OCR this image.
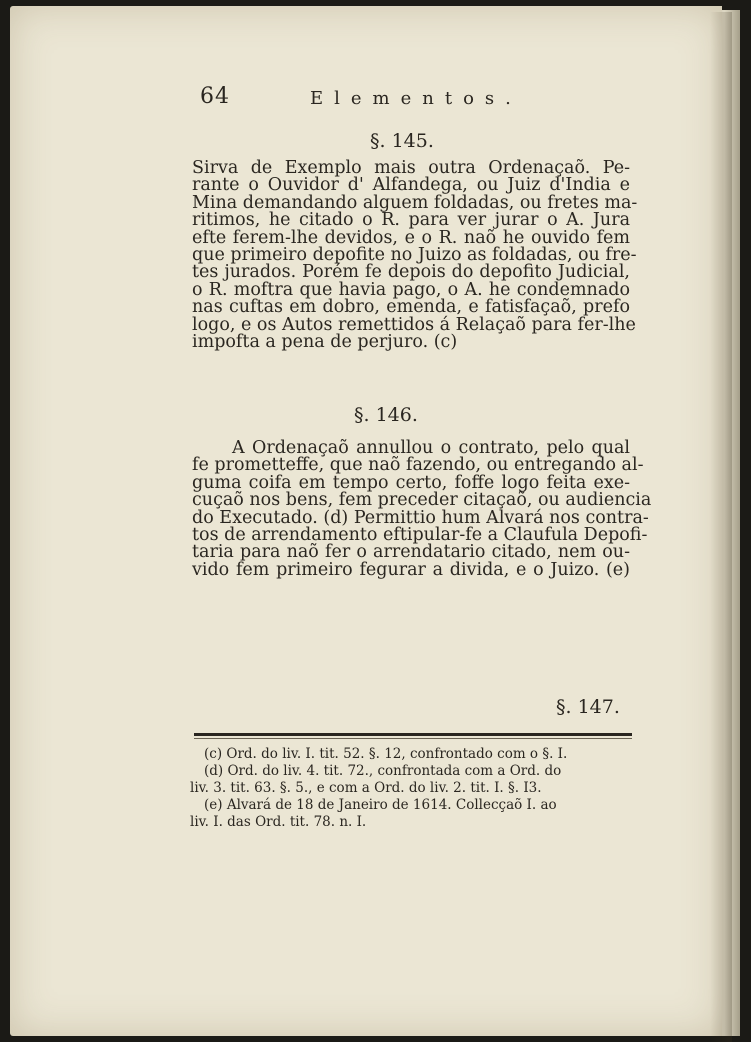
64	Elementos.
§. 145.
Sirva de Exemplo mais outra Ordenaçaõ. Pe-
rante o Ouvidor d' Alfandega, ou Juiz d'India e
Mina demandando alguem foldadas, ou fretes ma-
ritimos, he citado o R. para ver jurar o A. Jura
efte ferem-lhe devidos, e o R. naõ he ouvido fem
que primeiro depofite no Juizo as foldadas, ou fre-
tes jurados. Porém fe depois do depofito Judicial,
o R. moftra que havia pago, o A. he condemnado
nas cuftas em dobro, emenda, e fatisfaçaõ, prefo
logo, e os Autos remettidos á Relaçaõ para fer-lhe
impofta a pena de perjuro. (c)
§. 146.
A Ordenaçaõ annullou o contrato, pelo qual
fe prometteffe, que naõ fazendo, ou entregando al-
guma coifa em tempo certo, foffe logo feita exe-
cuçaõ nos bens, fem preceder citaçaõ, ou audiencia
do Executado. (d) Permittio hum Alvará nos contra-
tos de arrendamento eftipular-fe a Claufula Depofi-
taria para naõ fer o arrendatario citado, nem ou-
vido fem primeiro fegurar a divida, e o Juizo. (e)
§. 147.
(c) Ord. do liv. I. tit. 52. §. 12, confrontado com o §. I.
(d) Ord. do liv. 4. tit. 72., confrontada com a Ord. do
liv. 3. tit. 63. §. 5., e com a Ord. do liv. 2. tit. I. §. I3.
(e) Alvará de 18 de Janeiro de 1614. Collecçaõ I. ao
liv. I. das Ord. tit. 78. n. I.
